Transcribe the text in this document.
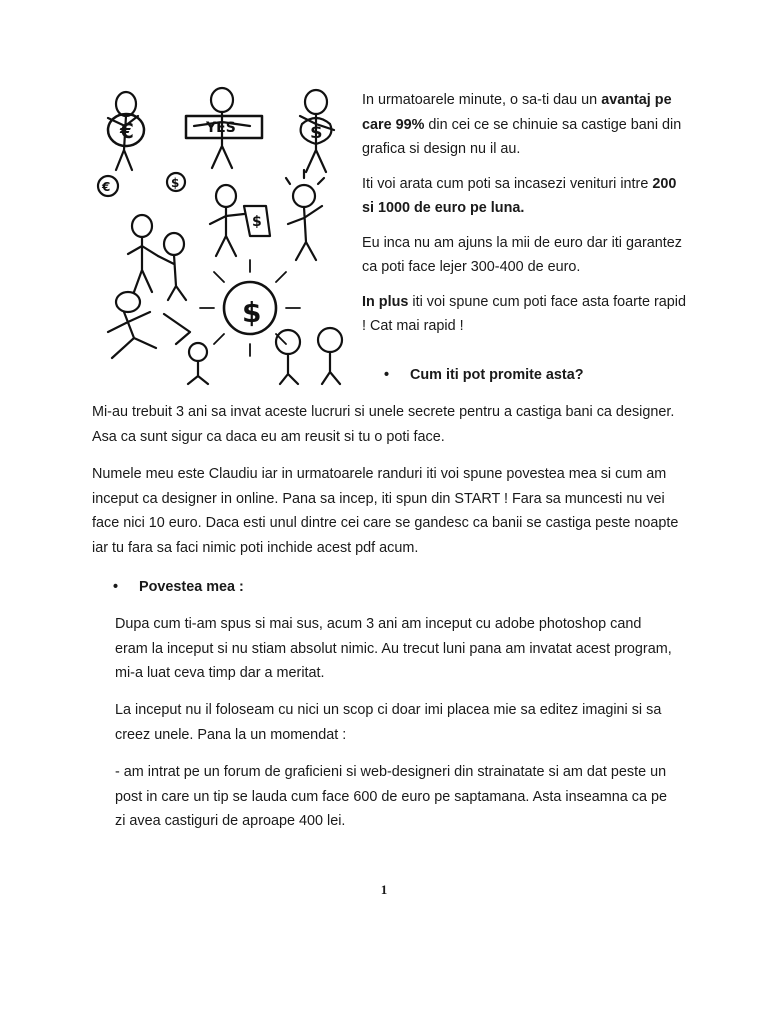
€	$
$
€	$
$
YES

In urmatoarele minute, o sa-ti dau un avantaj pe care 99% din cei ce se chinuie sa castige bani din grafica si design nu il au.

Iti voi arata cum poti sa incasezi venituri intre 200 si 1000 de euro pe luna.

Eu inca nu am ajuns la mii de euro dar iti garantez ca poti face lejer 300-400 de euro.

In plus iti voi spune cum poti face asta foarte rapid ! Cat mai rapid !

• Cum iti pot promite asta?

Mi-au trebuit 3 ani sa invat aceste lucruri si unele secrete pentru a castiga bani ca designer. Asa ca sunt sigur ca daca eu am reusit si tu o poti face.

Numele meu este Claudiu iar in urmatoarele randuri iti voi spune povestea mea si cum am inceput ca designer in online. Pana sa incep, iti spun din START ! Fara sa muncesti nu vei face nici 10 euro. Daca esti unul dintre cei care se gandesc ca banii se castiga peste noapte iar tu fara sa faci nimic poti inchide acest pdf acum.

• Povestea mea :

Dupa cum ti-am spus si mai sus, acum 3 ani am inceput cu adobe photoshop cand eram la inceput si nu stiam absolut nimic. Au trecut luni pana am invatat acest program, mi-a luat ceva timp dar a meritat.

La inceput nu il foloseam cu nici un scop ci doar imi placea mie sa editez imagini si sa creez unele. Pana la un momendat :

- am intrat pe un forum de graficieni si web-designeri din strainatate si am dat peste un post in care un tip se lauda cum face 600 de euro pe saptamana. Asta inseamna ca pe zi avea castiguri de aproape 400 lei.

1
